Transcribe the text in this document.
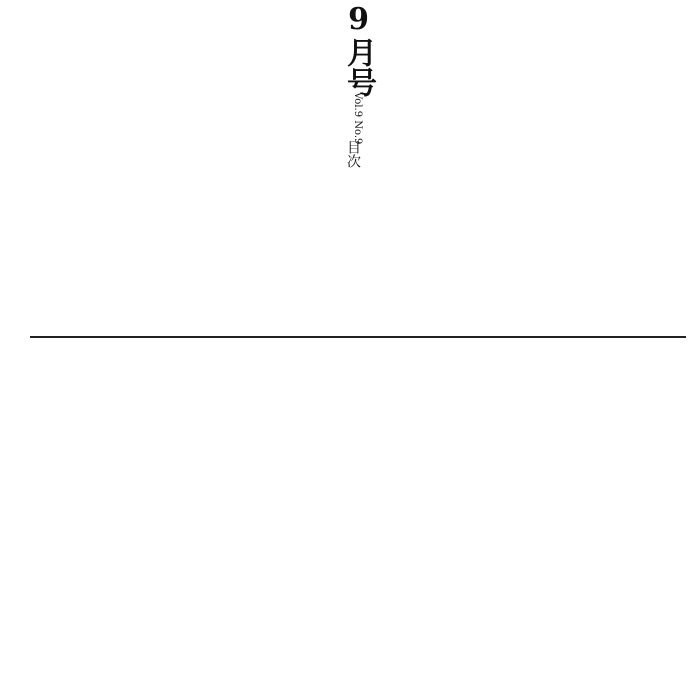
9月号
Vol.9 No.9
目次
